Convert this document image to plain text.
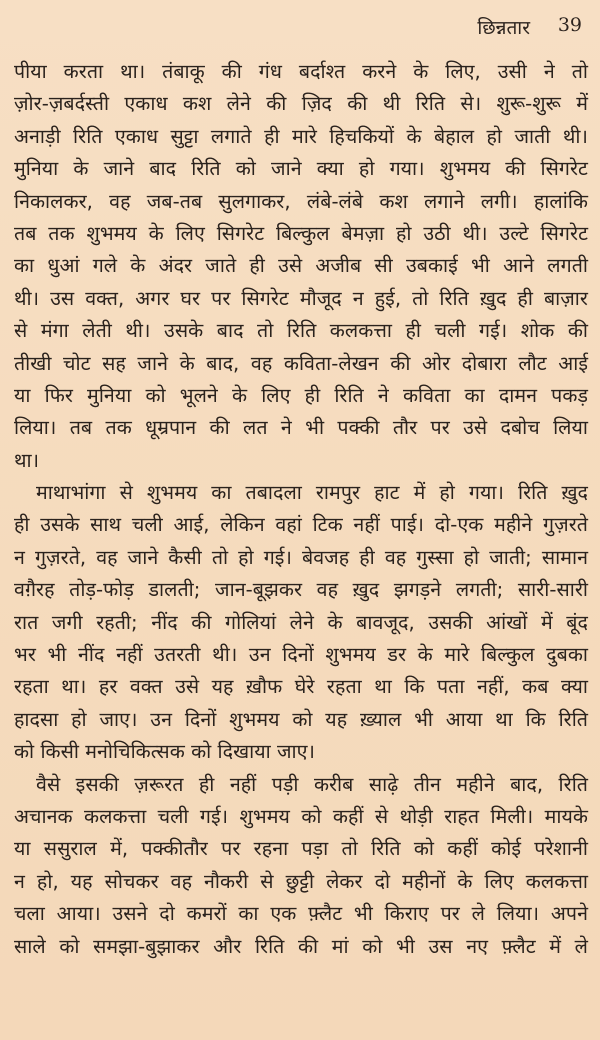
छिन्नतार 39
पीया करता था। तंबाकू की गंध बर्दाश्त करने के लिए, उसी ने तो
ज़ोर-ज़बर्दस्ती एकाध कश लेने की ज़िद की थी रिति से। शुरू-शुरू में
अनाड़ी रिति एकाध सुट्टा लगाते ही मारे हिचकियों के बेहाल हो जाती थी।
मुनिया के जाने बाद रिति को जाने क्या हो गया। शुभमय की सिगरेट
निकालकर, वह जब-तब सुलगाकर, लंबे-लंबे कश लगाने लगी। हालांकि
तब तक शुभमय के लिए सिगरेट बिल्कुल बेमज़ा हो उठी थी। उल्टे सिगरेट
का धुआं गले के अंदर जाते ही उसे अजीब सी उबकाई भी आने लगती
थी। उस वक्त, अगर घर पर सिगरेट मौजूद न हुई, तो रिति ख़ुद ही बाज़ार
से मंगा लेती थी। उसके बाद तो रिति कलकत्ता ही चली गई। शोक की
तीखी चोट सह जाने के बाद, वह कविता-लेखन की ओर दोबारा लौट आई
या फिर मुनिया को भूलने के लिए ही रिति ने कविता का दामन पकड़
लिया। तब तक धूम्रपान की लत ने भी पक्की तौर पर उसे दबोच लिया
था।
माथाभांगा से शुभमय का तबादला रामपुर हाट में हो गया। रिति ख़ुद
ही उसके साथ चली आई, लेकिन वहां टिक नहीं पाई। दो-एक महीने गुज़रते
न गुज़रते, वह जाने कैसी तो हो गई। बेवजह ही वह गुस्सा हो जाती; सामान
वग़ैरह तोड़-फोड़ डालती; जान-बूझकर वह ख़ुद झगड़ने लगती; सारी-सारी
रात जगी रहती; नींद की गोलियां लेने के बावजूद, उसकी आंखों में बूंद
भर भी नींद नहीं उतरती थी। उन दिनों शुभमय डर के मारे बिल्कुल दुबका
रहता था। हर वक्त उसे यह ख़ौफ घेरे रहता था कि पता नहीं, कब क्या
हादसा हो जाए। उन दिनों शुभमय को यह ख़्याल भी आया था कि रिति
को किसी मनोचिकित्सक को दिखाया जाए।
वैसे इसकी ज़रूरत ही नहीं पड़ी करीब साढ़े तीन महीने बाद, रिति
अचानक कलकत्ता चली गई। शुभमय को कहीं से थोड़ी राहत मिली। मायके
या ससुराल में, पक्कीतौर पर रहना पड़ा तो रिति को कहीं कोई परेशानी
न हो, यह सोचकर वह नौकरी से छुट्टी लेकर दो महीनों के लिए कलकत्ता
चला आया। उसने दो कमरों का एक फ़्लैट भी किराए पर ले लिया। अपने
साले को समझा-बुझाकर और रिति की मां को भी उस नए फ़्लैट में ले
